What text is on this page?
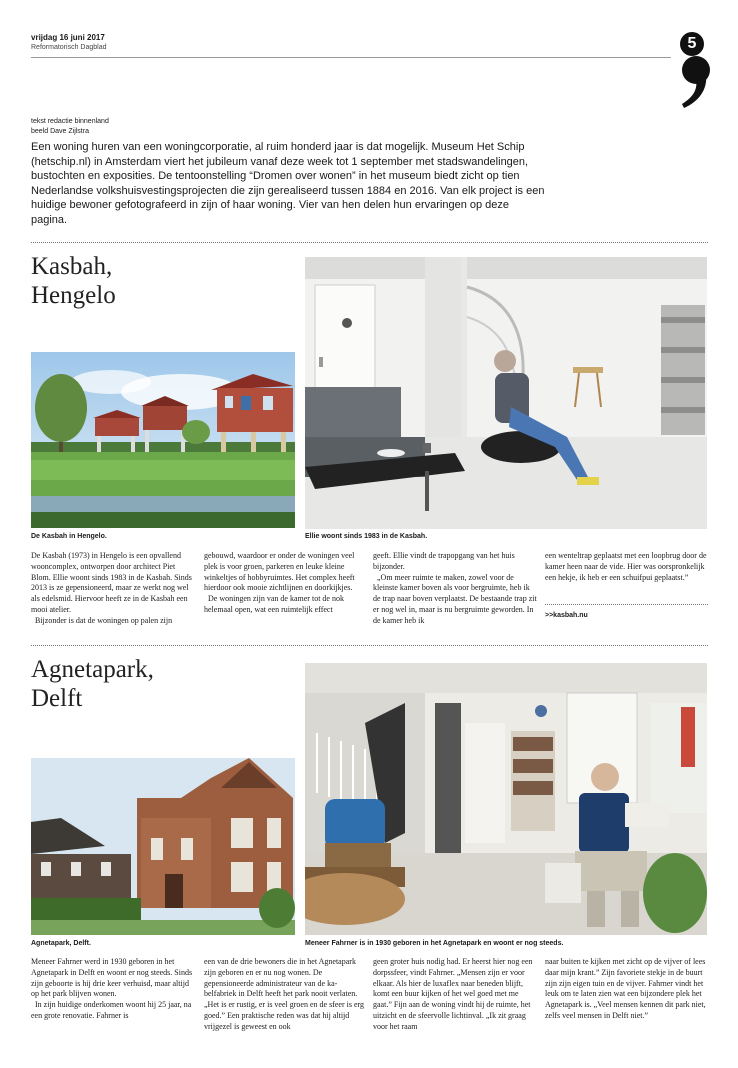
vrijdag 16 juni 2017
Reformatorisch Dagblad	5
tekst redactie binnenland
beeld Dave Zijlstra
Een woning huren van een woningcorporatie, al ruim honderd jaar is dat mogelijk. Museum Het Schip (hetschip.nl) in Amsterdam viert het jubileum vanaf deze week tot 1 september met stadswandelingen, bustochten en exposities. De tentoonstelling “Dromen over wonen” in het museum biedt zicht op tien Nederlandse volkshuisvestingsprojecten die zijn gerealiseerd tussen 1884 en 2016. Van elk project is een huidige bewoner gefotografeerd in zijn of haar woning. Vier van hen delen hun ervaringen op deze pagina.
Kasbah,
Hengelo
De Kasbah in Hengelo.	Ellie woont sinds 1983 in de Kasbah.

De Kasbah (1973) in Hengelo is een opvallend wooncomplex, ontworpen door architect Piet Blom. Ellie woont sinds 1983 in de Kasbah. Sinds 2013 is ze gepensioneerd, maar ze werkt nog wel als edelsmid. Hiervoor heeft ze in de Kasbah een mooi atelier.

Bijzonder is dat de woningen op palen zijn

gebouwd, waardoor er onder de woningen veel plek is voor groen, parkeren en leuke kleine winkeltjes of hobbyruimtes. Het complex heeft hierdoor ook mooie zichtlijnen en doorkijkjes.

De woningen zijn van de kamer tot de nok helemaal open, wat een ruimtelijk effect

geeft. Ellie vindt de trapopgang van het huis bijzonder.

„Om meer ruimte te maken, zowel voor de kleinste kamer boven als voor bergruimte, heb ik de trap naar boven verplaatst. De bestaande trap zit er nog wel in, maar is nu bergruimte geworden. In de kamer heb ik

een wenteltrap geplaatst met een loopbrug door de kamer heen naar de vide. Hier was oorspronkelijk een hekje, ik heb er een schuifpui geplaatst.”

>>kasbah.nu
Agnetapark,
Delft
Agnetapark, Delft.	Meneer Fahrner is in 1930 geboren in het Agnetapark en woont er nog steeds.

Meneer Fahrner werd in 1930 geboren in het Agnetapark in Delft en woont er nog steeds. Sinds zijn geboorte is hij drie keer verhuisd, maar altijd op het park blijven wonen.

In zijn huidige onderkomen woont hij 25 jaar, na een grote renovatie. Fahrner is

een van de drie bewoners die in het Agnetapark zijn geboren en er nu nog wonen. De gepensioneerde administrateur van de kabelfabriek in Delft heeft het park nooit verlaten. „Het is er rustig, er is veel groen en de sfeer is erg goed.” Een praktische reden was dat hij altijd vrijgezel is geweest en ook

geen groter huis nodig had. Er heerst hier nog een dorpssfeer, vindt Fahrner. „Mensen zijn er voor elkaar. Als hier de luxaflex naar beneden blijft, komt een buur kijken of het wel goed met me gaat.” Fijn aan de woning vindt hij de ruimte, het uitzicht en de sfeervolle lichtinval. „Ik zit graag voor het raam

naar buiten te kijken met zicht op de vijver of lees daar mijn krant.” Zijn favoriete stekje in de buurt zijn zijn eigen tuin en de vijver. Fahrner vindt het leuk om te laten zien wat een bijzondere plek het Agnetapark is. „Veel mensen kennen dit park niet, zelfs veel mensen in Delft niet.”
